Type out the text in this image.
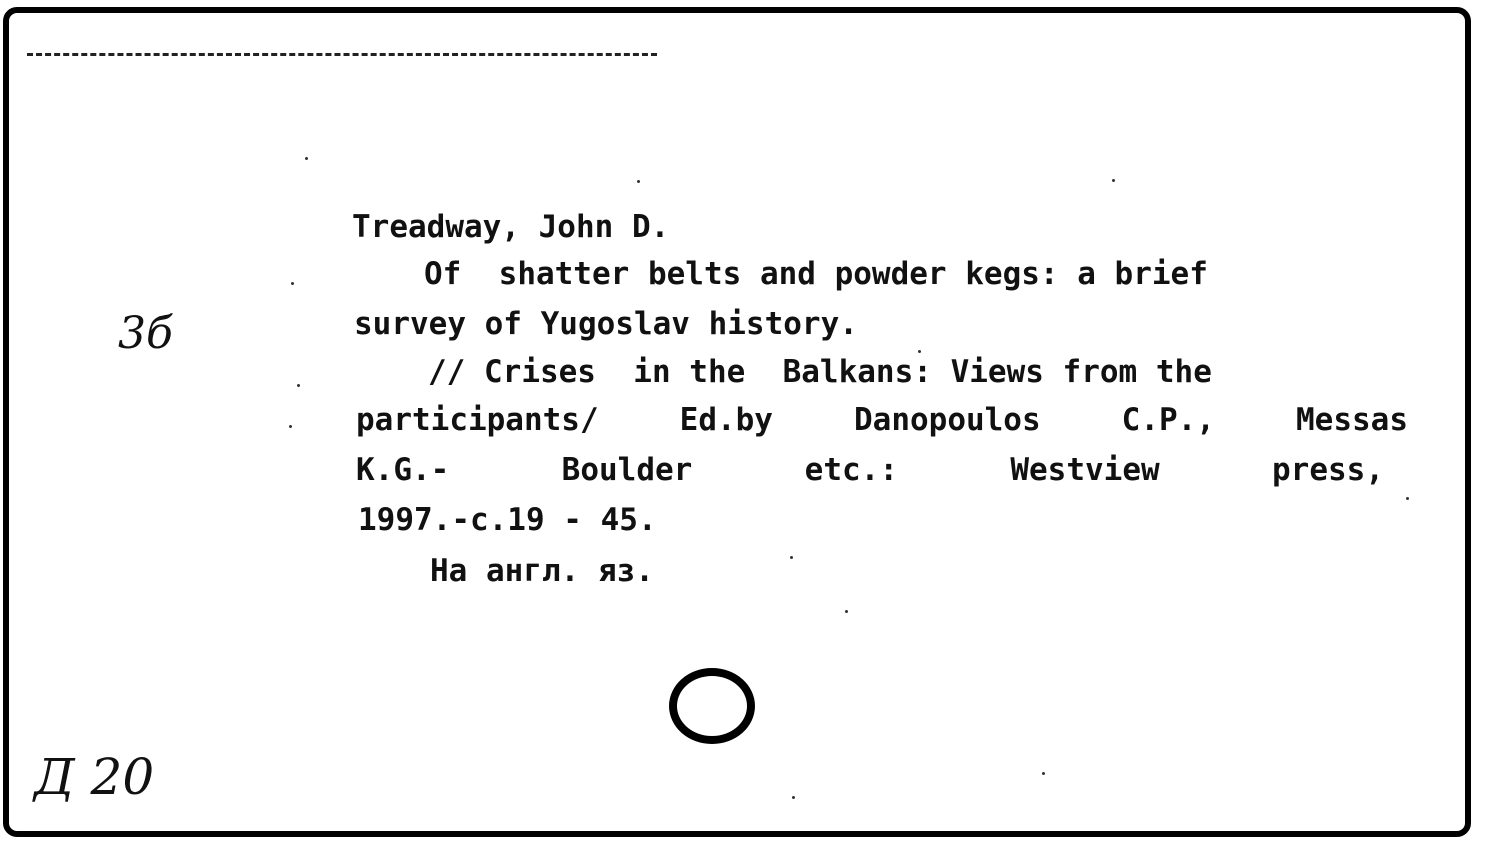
Treadway, John D.
Of  shatter belts and powder kegs: a brief
survey of Yugoslav history.
// Crises  in the  Balkans: Views from the
participants/	Ed.by	Danopoulos	C.P.,	Messas
K.G.-	Boulder	etc.:	Westview	press,
1997.-c.19 - 45.
На англ. яз.
3б
Д 20
